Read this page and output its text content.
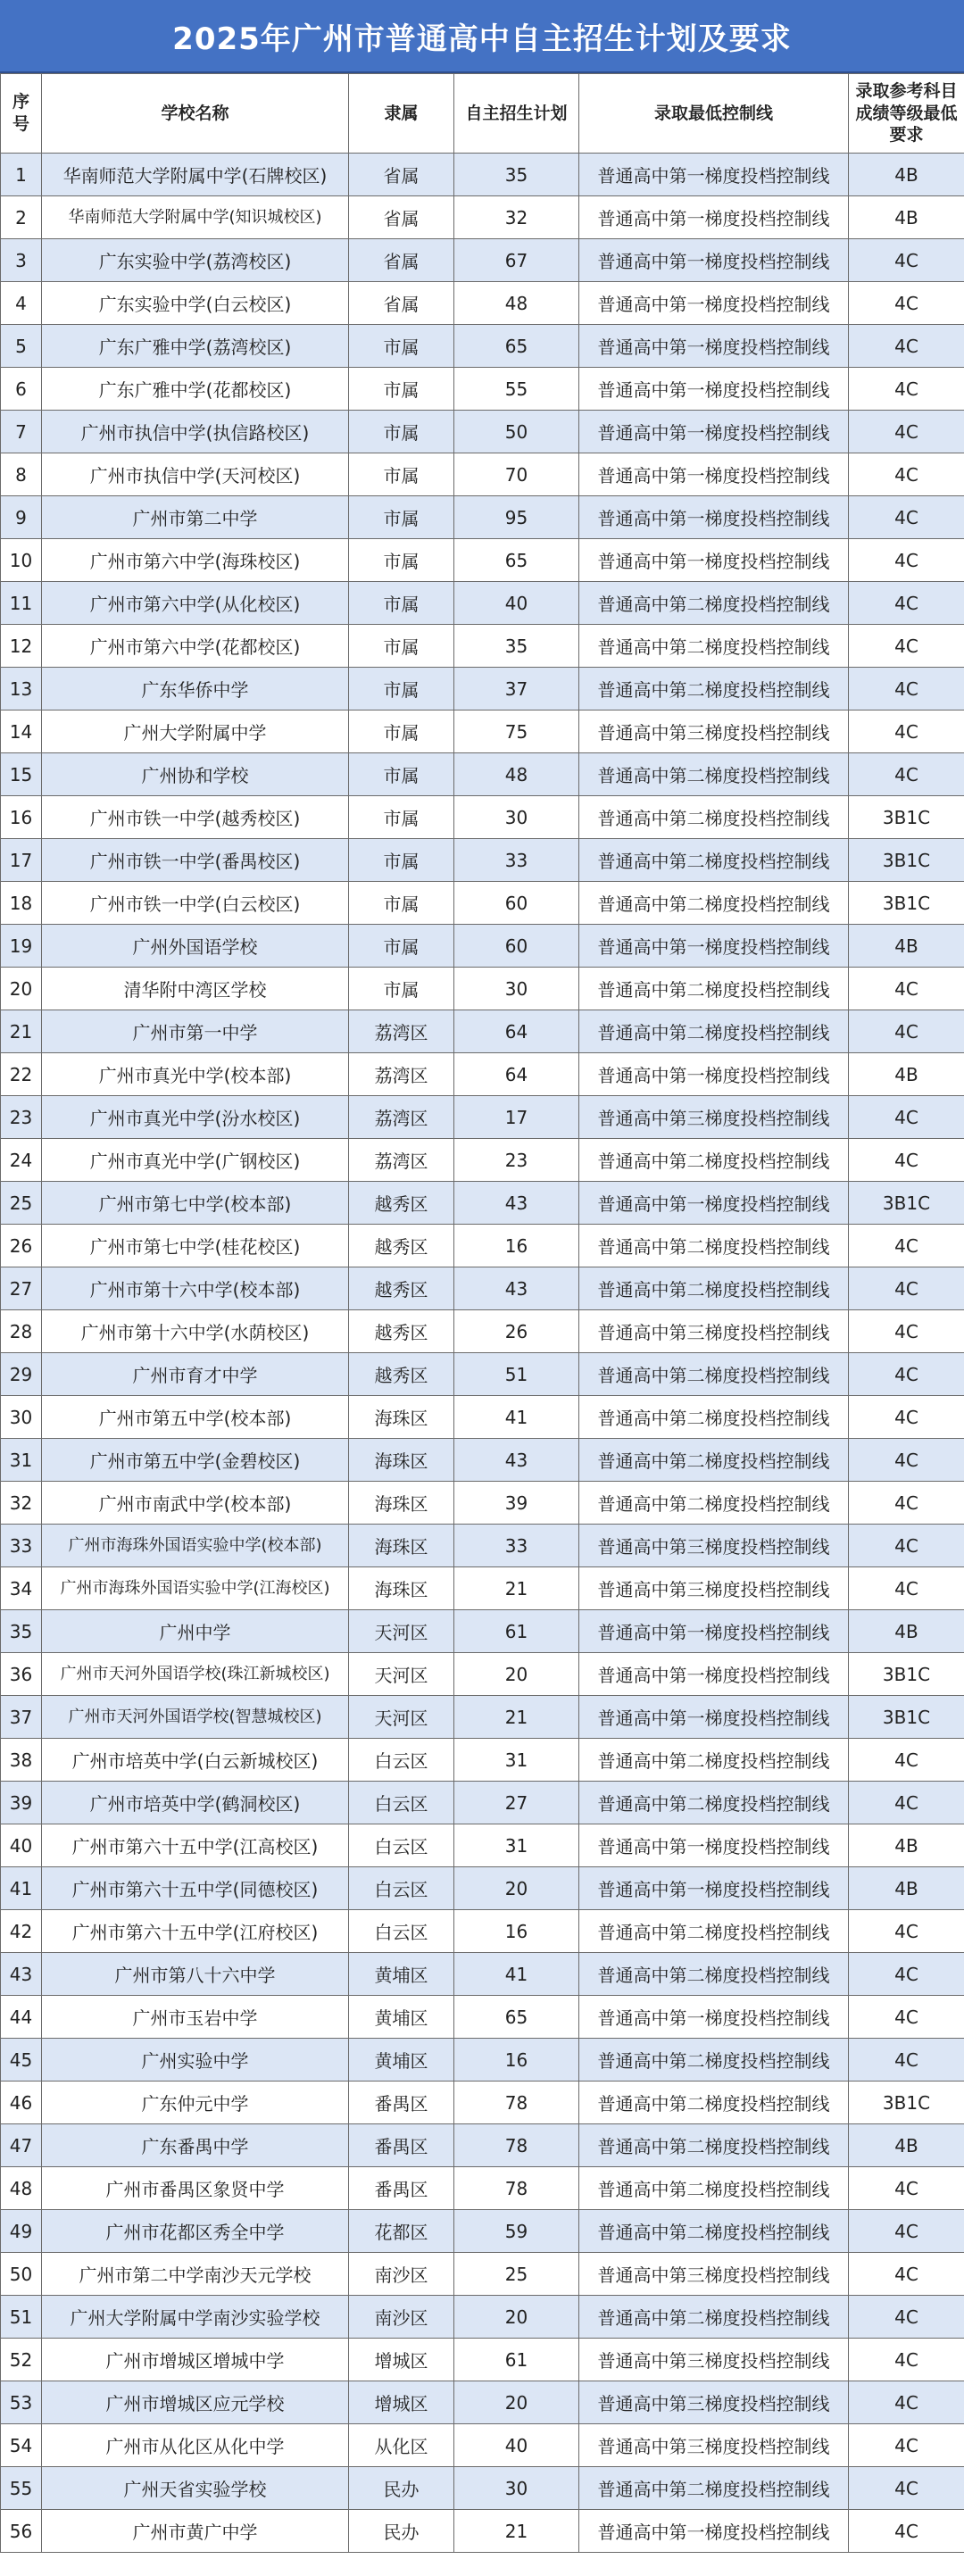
2025年广州市普通高中自主招生计划及要求
序号	学校名称	隶属	自主招生计划	录取最低控制线	录取参考科目成绩等级最低要求
1	华南师范大学附属中学(石牌校区)	省属	35	普通高中第一梯度投档控制线	4B
2	华南师范大学附属中学(知识城校区)	省属	32	普通高中第一梯度投档控制线	4B
3	广东实验中学(荔湾校区)	省属	67	普通高中第一梯度投档控制线	4C
4	广东实验中学(白云校区)	省属	48	普通高中第一梯度投档控制线	4C
5	广东广雅中学(荔湾校区)	市属	65	普通高中第一梯度投档控制线	4C
6	广东广雅中学(花都校区)	市属	55	普通高中第一梯度投档控制线	4C
7	广州市执信中学(执信路校区)	市属	50	普通高中第一梯度投档控制线	4C
8	广州市执信中学(天河校区)	市属	70	普通高中第一梯度投档控制线	4C
9	广州市第二中学	市属	95	普通高中第一梯度投档控制线	4C
10	广州市第六中学(海珠校区)	市属	65	普通高中第一梯度投档控制线	4C
11	广州市第六中学(从化校区)	市属	40	普通高中第二梯度投档控制线	4C
12	广州市第六中学(花都校区)	市属	35	普通高中第二梯度投档控制线	4C
13	广东华侨中学	市属	37	普通高中第二梯度投档控制线	4C
14	广州大学附属中学	市属	75	普通高中第三梯度投档控制线	4C
15	广州协和学校	市属	48	普通高中第二梯度投档控制线	4C
16	广州市铁一中学(越秀校区)	市属	30	普通高中第二梯度投档控制线	3B1C
17	广州市铁一中学(番禺校区)	市属	33	普通高中第二梯度投档控制线	3B1C
18	广州市铁一中学(白云校区)	市属	60	普通高中第二梯度投档控制线	3B1C
19	广州外国语学校	市属	60	普通高中第一梯度投档控制线	4B
20	清华附中湾区学校	市属	30	普通高中第二梯度投档控制线	4C
21	广州市第一中学	荔湾区	64	普通高中第二梯度投档控制线	4C
22	广州市真光中学(校本部)	荔湾区	64	普通高中第一梯度投档控制线	4B
23	广州市真光中学(汾水校区)	荔湾区	17	普通高中第三梯度投档控制线	4C
24	广州市真光中学(广钢校区)	荔湾区	23	普通高中第二梯度投档控制线	4C
25	广州市第七中学(校本部)	越秀区	43	普通高中第一梯度投档控制线	3B1C
26	广州市第七中学(桂花校区)	越秀区	16	普通高中第二梯度投档控制线	4C
27	广州市第十六中学(校本部)	越秀区	43	普通高中第二梯度投档控制线	4C
28	广州市第十六中学(水荫校区)	越秀区	26	普通高中第三梯度投档控制线	4C
29	广州市育才中学	越秀区	51	普通高中第二梯度投档控制线	4C
30	广州市第五中学(校本部)	海珠区	41	普通高中第二梯度投档控制线	4C
31	广州市第五中学(金碧校区)	海珠区	43	普通高中第二梯度投档控制线	4C
32	广州市南武中学(校本部)	海珠区	39	普通高中第二梯度投档控制线	4C
33	广州市海珠外国语实验中学(校本部)	海珠区	33	普通高中第三梯度投档控制线	4C
34	广州市海珠外国语实验中学(江海校区)	海珠区	21	普通高中第三梯度投档控制线	4C
35	广州中学	天河区	61	普通高中第一梯度投档控制线	4B
36	广州市天河外国语学校(珠江新城校区)	天河区	20	普通高中第一梯度投档控制线	3B1C
37	广州市天河外国语学校(智慧城校区)	天河区	21	普通高中第一梯度投档控制线	3B1C
38	广州市培英中学(白云新城校区)	白云区	31	普通高中第二梯度投档控制线	4C
39	广州市培英中学(鹤洞校区)	白云区	27	普通高中第二梯度投档控制线	4C
40	广州市第六十五中学(江高校区)	白云区	31	普通高中第一梯度投档控制线	4B
41	广州市第六十五中学(同德校区)	白云区	20	普通高中第一梯度投档控制线	4B
42	广州市第六十五中学(江府校区)	白云区	16	普通高中第二梯度投档控制线	4C
43	广州市第八十六中学	黄埔区	41	普通高中第二梯度投档控制线	4C
44	广州市玉岩中学	黄埔区	65	普通高中第一梯度投档控制线	4C
45	广州实验中学	黄埔区	16	普通高中第二梯度投档控制线	4C
46	广东仲元中学	番禺区	78	普通高中第二梯度投档控制线	3B1C
47	广东番禺中学	番禺区	78	普通高中第二梯度投档控制线	4B
48	广州市番禺区象贤中学	番禺区	78	普通高中第二梯度投档控制线	4C
49	广州市花都区秀全中学	花都区	59	普通高中第二梯度投档控制线	4C
50	广州市第二中学南沙天元学校	南沙区	25	普通高中第三梯度投档控制线	4C
51	广州大学附属中学南沙实验学校	南沙区	20	普通高中第二梯度投档控制线	4C
52	广州市增城区增城中学	增城区	61	普通高中第三梯度投档控制线	4C
53	广州市增城区应元学校	增城区	20	普通高中第三梯度投档控制线	4C
54	广州市从化区从化中学	从化区	40	普通高中第三梯度投档控制线	4C
55	广州天省实验学校	民办	30	普通高中第二梯度投档控制线	4C
56	广州市黄广中学	民办	21	普通高中第一梯度投档控制线	4C
